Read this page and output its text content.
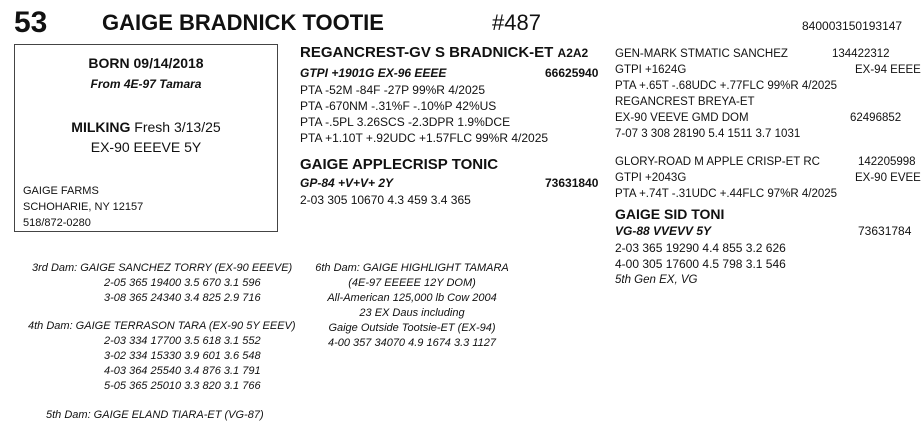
53 GAIGE BRADNICK TOOTIE	#487	840003150193147
BORN 09/14/2018
From 4E-97 Tamara
MILKING Fresh 3/13/25
EX-90 EEEVE 5Y
GAIGE FARMS
SCHOHARIE, NY 12157
518/872-0280
REGANCREST-GV S BRADNICK-ET A2A2
GTPI +1901G EX-96 EEEE	66625940
PTA -52M -84F -27P 99%R 4/2025
PTA -670NM -.31%F -.10%P 42%US
PTA -.5PL 3.26SCS -2.3DPR 1.9%DCE
PTA +1.10T +.92UDC +1.57FLC 99%R 4/2025
GAIGE APPLECRISP TONIC
GP-84 +V+V+ 2Y	73631840
2-03 305 10670 4.3 459 3.4 365
GEN-MARK STMATIC SANCHEZ	134422312
GTPI +1624G	EX-94 EEEE
PTA +.65T -.68UDC +.77FLC 99%R 4/2025
REGANCREST BREYA-ET
EX-90 VEEVE GMD DOM	62496852
7-07 3 308 28190 5.4 1511 3.7 1031
GLORY-ROAD M APPLE CRISP-ET RC	142205998
GTPI +2043G	EX-90 EVEE
PTA +.74T -.31UDC +.44FLC 97%R 4/2025
GAIGE SID TONI
VG-88 VVEVV 5Y	73631784
2-03 365 19290 4.4 855 3.2 626
4-00 305 17600 4.5 798 3.1 546
5th Gen EX, VG
3rd Dam: GAIGE SANCHEZ TORRY (EX-90 EEEVE)
2-05 365 19400 3.5 670 3.1 596
3-08 365 24340 3.4 825 2.9 716
4th Dam: GAIGE TERRASON TARA (EX-90 5Y EEEV)
2-03 334 17700 3.5 618 3.1 552
3-02 334 15330 3.9 601 3.6 548
4-03 364 25540 3.4 876 3.1 791
5-05 365 25010 3.3 820 3.1 766
5th Dam: GAIGE ELAND TIARA-ET (VG-87)
6th Dam: GAIGE HIGHLIGHT TAMARA
(4E-97 EEEEE 12Y DOM)
All-American 125,000 lb Cow 2004
23 EX Daus including
Gaige Outside Tootsie-ET (EX-94)
4-00 357 34070 4.9 1674 3.3 1127
